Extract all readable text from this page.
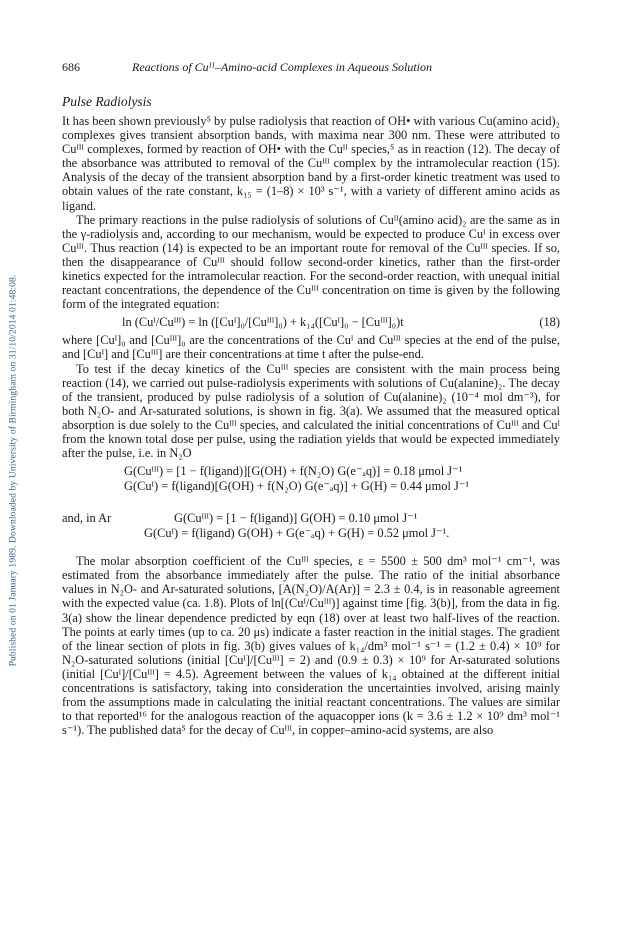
Published on 01 January 1989. Downloaded by University of Birmingham on 31/10/2014 01:48:08.
686	Reactions of Cuᴵᴵ–Amino-acid Complexes in Aqueous Solution
Pulse Radiolysis

It has been shown previously⁵ by pulse radiolysis that reaction of OH• with various Cu(amino acid)₂ complexes gives transient absorption bands, with maxima near 300 nm. These were attributed to Cuᴵᴵᴵ complexes, formed by reaction of OH• with the Cuᴵᴵ species,⁵ as in reaction (12). The decay of the absorbance was attributed to removal of the Cuᴵᴵᴵ complex by the intramolecular reaction (15). Analysis of the decay of the transient absorption band by a first-order kinetic treatment was used to obtain values of the rate constant, k₁₅ = (1–8) × 10³ s⁻¹, with a variety of different amino acids as ligand.

The primary reactions in the pulse radiolysis of solutions of Cuᴵᴵ(amino acid)₂ are the same as in the γ-radiolysis and, according to our mechanism, would be expected to produce Cuᴵ in excess over Cuᴵᴵᴵ. Thus reaction (14) is expected to be an important route for removal of the Cuᴵᴵᴵ species. If so, then the disappearance of Cuᴵᴵᴵ should follow second-order kinetics, rather than the first-order kinetics expected for the intramolecular reaction. For the second-order reaction, with unequal initial reactant concentrations, the dependence of the Cuᴵᴵᴵ concentration on time is given by the following form of the integrated equation:

ln (Cuᴵ/Cuᴵᴵᴵ) = ln ([Cuᴵ]₀/[Cuᴵᴵᴵ]₀) + k₁₄([Cuᴵ]₀ − [Cuᴵᴵᴵ]₀)t	(18)

where [Cuᴵ]₀ and [Cuᴵᴵᴵ]₀ are the concentrations of the Cuᴵ and Cuᴵᴵᴵ species at the end of the pulse, and [Cuᴵ] and [Cuᴵᴵᴵ] are their concentrations at time t after the pulse-end.

To test if the decay kinetics of the Cuᴵᴵᴵ species are consistent with the main process being reaction (14), we carried out pulse-radiolysis experiments with solutions of Cu(alanine)₂. The decay of the transient, produced by pulse radiolysis of a solution of Cu(alanine)₂ (10⁻⁴ mol dm⁻³), for both N₂O- and Ar-saturated solutions, is shown in fig. 3(a). We assumed that the measured optical absorption is due solely to the Cuᴵᴵᴵ species, and calculated the initial concentrations of Cuᴵᴵᴵ and Cuᴵ from the known total dose per pulse, using the radiation yields that would be expected immediately after the pulse, i.e. in N₂O

G(Cuᴵᴵᴵ) = [1 − f(ligand)][G(OH) + f(N₂O) G(e⁻ₐq)] = 0.18 μmol J⁻¹
G(Cuᴵ) = f(ligand)[G(OH) + f(N₂O) G(e⁻ₐq)] + G(H) = 0.44 μmol J⁻¹
and, in Ar	G(Cuᴵᴵᴵ) = [1 − f(ligand)] G(OH) = 0.10 μmol J⁻¹
G(Cuᴵ) = f(ligand) G(OH) + G(e⁻ₐq) + G(H) = 0.52 μmol J⁻¹.

The molar absorption coefficient of the Cuᴵᴵᴵ species, ε = 5500 ± 500 dm³ mol⁻¹ cm⁻¹, was estimated from the absorbance immediately after the pulse. The ratio of the initial absorbance values in N₂O- and Ar-saturated solutions, [A(N₂O)/A(Ar)] = 2.3 ± 0.4, is in reasonable agreement with the expected value (ca. 1.8). Plots of ln[(Cuᴵ/Cuᴵᴵᴵ)] against time [fig. 3(b)], from the data in fig. 3(a) show the linear dependence predicted by eqn (18) over at least two half-lives of the reaction. The points at early times (up to ca. 20 μs) indicate a faster reaction in the initial stages. The gradient of the linear section of plots in fig. 3(b) gives values of k₁₄/dm³ mol⁻¹ s⁻¹ = (1.2 ± 0.4) × 10⁹ for N₂O-saturated solutions (initial [Cuᴵ]/[Cuᴵᴵᴵ] = 2) and (0.9 ± 0.3) × 10⁹ for Ar-saturated solutions (initial [Cuᴵ]/[Cuᴵᴵᴵ] = 4.5). Agreement between the values of k₁₄ obtained at the different initial concentrations is satisfactory, taking into consideration the uncertainties involved, arising mainly from the assumptions made in calculating the initial reactant concentrations. The values are similar to that reported¹⁶ for the analogous reaction of the aquacopper ions (k = 3.6 ± 1.2 × 10⁹ dm³ mol⁻¹ s⁻¹). The published data⁵ for the decay of Cuᴵᴵᴵ, in copper–amino-acid systems, are also
